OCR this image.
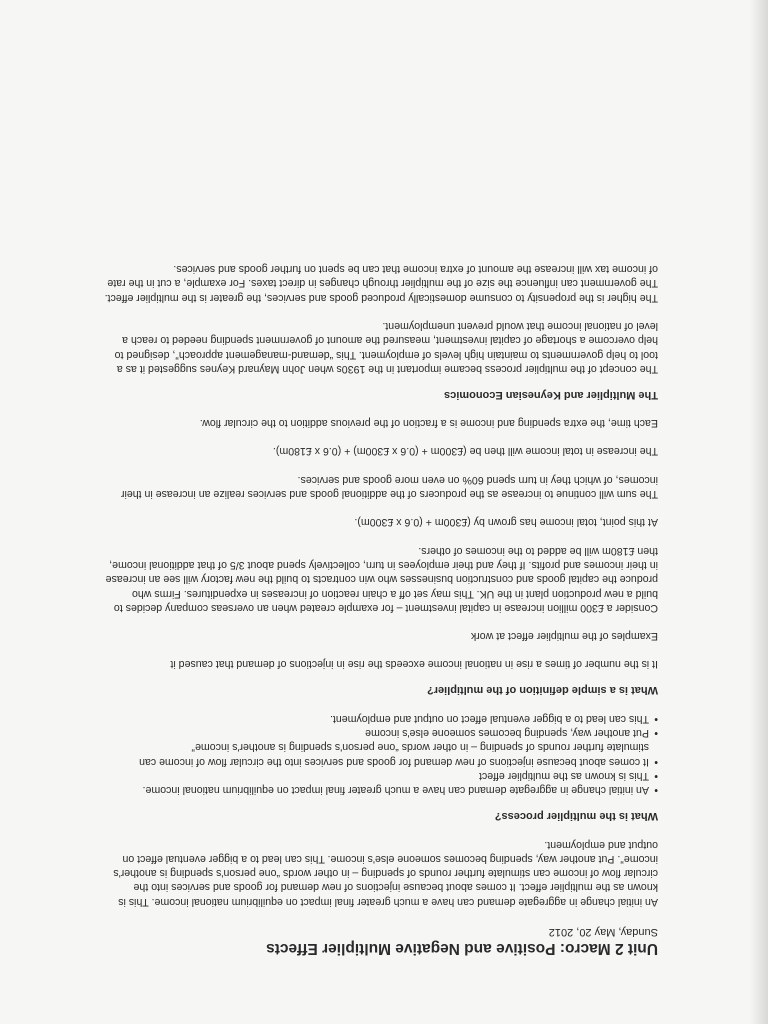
Unit 2 Macro: Positive and Negative Multiplier Effects
Sunday, May 20, 2012

An initial change in aggregate demand can have a much greater final impact on equilibrium national income. This is known as the multiplier effect. It comes about because injections of new demand for goods and services into the circular flow of income can stimulate further rounds of spending – in other words “one person's spending is another's income”. Put another way, spending becomes someone else's income. This can lead to a bigger eventual effect on output and employment.

What is the multiplier process?
• An initial change in aggregate demand can have a much greater final impact on equilibrium national income.
• This is known as the multiplier effect
• It comes about because injections of new demand for goods and services into the circular flow of income can stimulate further rounds of spending – in other words “one person's spending is another's income”
• Put another way, spending becomes someone else's income
• This can lead to a bigger eventual effect on output and employment.
What is a simple definition of the multiplier?

It is the number of times a rise in national income exceeds the rise in injections of demand that caused it

Examples of the multiplier effect at work

Consider a £300 million increase in capital investment – for example created when an overseas company decides to build a new production plant in the UK. This may set off a chain reaction of increases in expenditures. Firms who produce the capital goods and construction businesses who win contracts to build the new factory will see an increase in their incomes and profits. If they and their employees in turn, collectively spend about 3/5 of that additional income, then £180m will be added to the incomes of others.

At this point, total income has grown by (£300m + (0.6 x £300m).

The sum will continue to increase as the producers of the additional goods and services realize an increase in their incomes, of which they in turn spend 60% on even more goods and services.

The increase in total income will then be (£300m + (0.6 x £300m) + (0.6 x £180m).

Each time, the extra spending and income is a fraction of the previous addition to the circular flow.

The Multiplier and Keynesian Economics

The concept of the multiplier process became important in the 1930s when John Maynard Keynes suggested it as a tool to help governments to maintain high levels of employment. This “demand-management approach”, designed to help overcome a shortage of capital investment, measured the amount of government spending needed to reach a level of national income that would prevent unemployment.

The higher is the propensity to consume domestically produced goods and services, the greater is the multiplier effect. The government can influence the size of the multiplier through changes in direct taxes. For example, a cut in the rate of income tax will increase the amount of extra income that can be spent on further goods and services.
